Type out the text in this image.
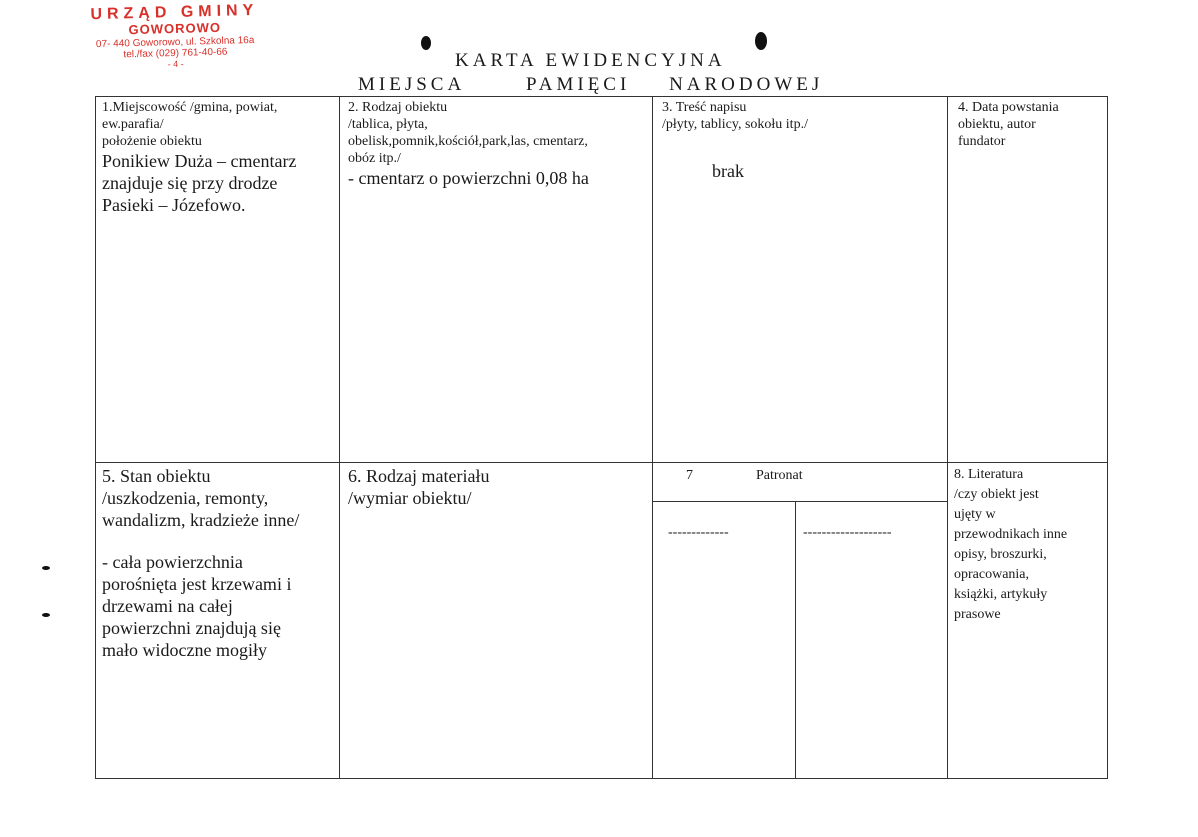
URZĄD GMINY
GOWOROWO
07- 440 Goworowo, ul. Szkolna 16a
tel./fax (029) 761-40-66
- 4 -	KARTA EWIDENCYJNA
MIEJSCA	PAMIĘCI NARODOWEJ
1.Miejscowość /gmina, powiat,
ew.parafia/
położenie obiektu
Ponikiew Duża – cmentarz
znajduje się przy drodze
Pasieki – Józefowo.
2. Rodzaj obiektu
/tablica, płyta,
obelisk,pomnik,kościół,park,las, cmentarz,
obóz itp./
- cmentarz o powierzchni 0,08 ha
3. Treść napisu
/płyty, tablicy, sokołu itp./
brak
4. Data powstania
obiektu, autor
fundator
5. Stan obiektu
/uszkodzenia, remonty,
wandalizm, kradzieże inne/
- cała powierzchnia
porośnięta jest krzewami i
drzewami na całej
powierzchni znajdują się
mało widoczne mogiły
6. Rodzaj materiału
/wymiar obiektu/
7	Patronat
-------------	-------------------
8. Literatura
/czy obiekt jest
ujęty w
przewodnikach inne
opisy, broszurki,
opracowania,
książki, artykuły
prasowe
